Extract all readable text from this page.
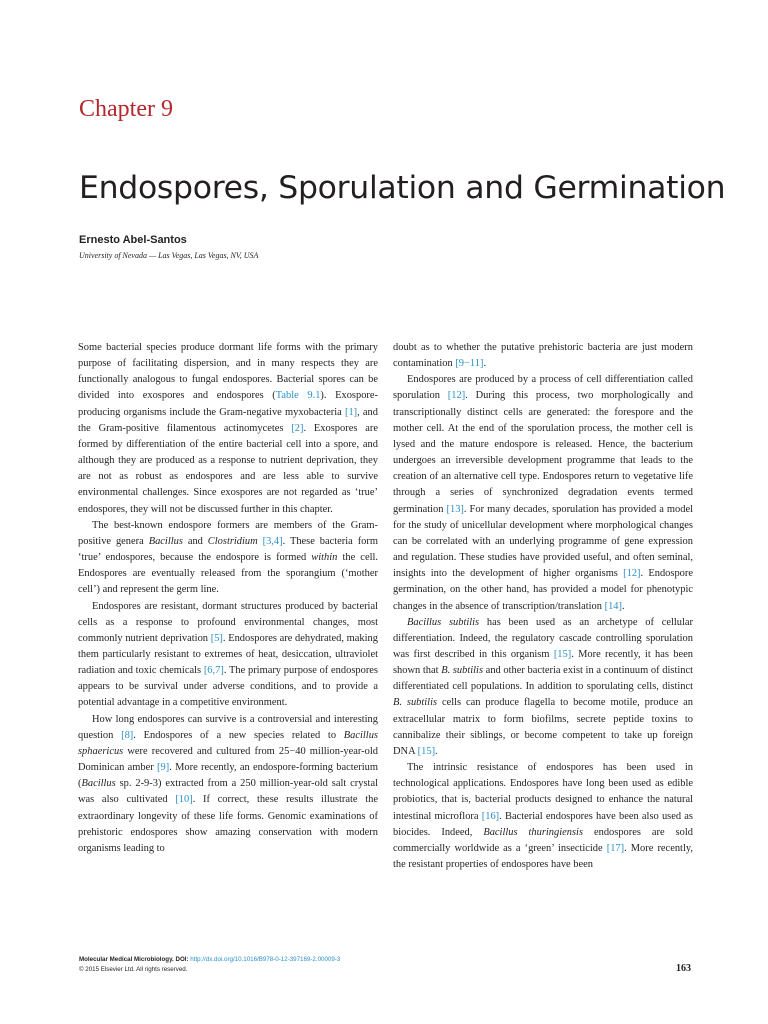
Chapter 9
Endospores, Sporulation and Germination
Ernesto Abel-Santos
University of Nevada — Las Vegas, Las Vegas, NV, USA

Some bacterial species produce dormant life forms with the primary purpose of facilitating dispersion, and in many respects they are functionally analogous to fungal endospores. Bacterial spores can be divided into exospores and endospores (Table 9.1). Exospore-producing organisms include the Gram-negative myxobacteria [1], and the Gram-positive filamentous actinomycetes [2]. Exospores are formed by differentiation of the entire bacterial cell into a spore, and although they are produced as a response to nutrient deprivation, they are not as robust as endospores and are less able to survive environmental challenges. Since exospores are not regarded as ‘true’ endospores, they will not be discussed further in this chapter.

The best-known endospore formers are members of the Gram-positive genera Bacillus and Clostridium [3,4]. These bacteria form ‘true’ endospores, because the endospore is formed within the cell. Endospores are eventually released from the sporangium (‘mother cell’) and represent the germ line.

Endospores are resistant, dormant structures produced by bacterial cells as a response to profound environmental changes, most commonly nutrient deprivation [5]. Endospores are dehydrated, making them particularly resistant to extremes of heat, desiccation, ultraviolet radiation and toxic chemicals [6,7]. The primary purpose of endospores appears to be survival under adverse conditions, and to provide a potential advantage in a competitive environment.

How long endospores can survive is a controversial and interesting question [8]. Endospores of a new species related to Bacillus sphaericus were recovered and cultured from 25−40 million-year-old Dominican amber [9]. More recently, an endospore-forming bacterium (Bacillus sp. 2-9-3) extracted from a 250 million-year-old salt crystal was also cultivated [10]. If correct, these results illustrate the extraordinary longevity of these life forms. Genomic examinations of prehistoric endospores show amazing conservation with modern organisms leading to

doubt as to whether the putative prehistoric bacteria are just modern contamination [9−11].

Endospores are produced by a process of cell differentiation called sporulation [12]. During this process, two morphologically and transcriptionally distinct cells are generated: the forespore and the mother cell. At the end of the sporulation process, the mother cell is lysed and the mature endospore is released. Hence, the bacterium undergoes an irreversible development programme that leads to the creation of an alternative cell type. Endospores return to vegetative life through a series of synchronized degradation events termed germination [13]. For many decades, sporulation has provided a model for the study of unicellular development where morphological changes can be correlated with an underlying programme of gene expression and regulation. These studies have provided useful, and often seminal, insights into the development of higher organisms [12]. Endospore germination, on the other hand, has provided a model for phenotypic changes in the absence of transcription/translation [14].

Bacillus subtilis has been used as an archetype of cellular differentiation. Indeed, the regulatory cascade controlling sporulation was first described in this organism [15]. More recently, it has been shown that B. subtilis and other bacteria exist in a continuum of distinct differentiated cell populations. In addition to sporulating cells, distinct B. subtilis cells can produce flagella to become motile, produce an extracellular matrix to form biofilms, secrete peptide toxins to cannibalize their siblings, or become competent to take up foreign DNA [15].

The intrinsic resistance of endospores has been used in technological applications. Endospores have long been used as edible probiotics, that is, bacterial products designed to enhance the natural intestinal microflora [16]. Bacterial endospores have been also used as biocides. Indeed, Bacillus thuringiensis endospores are sold commercially worldwide as a ‘green’ insecticide [17]. More recently, the resistant properties of endospores have been

Molecular Medical Microbiology. DOI: http://dx.doi.org/10.1016/B978-0-12-397169-2.00009-3
© 2015 Elsevier Ltd. All rights reserved.	163
